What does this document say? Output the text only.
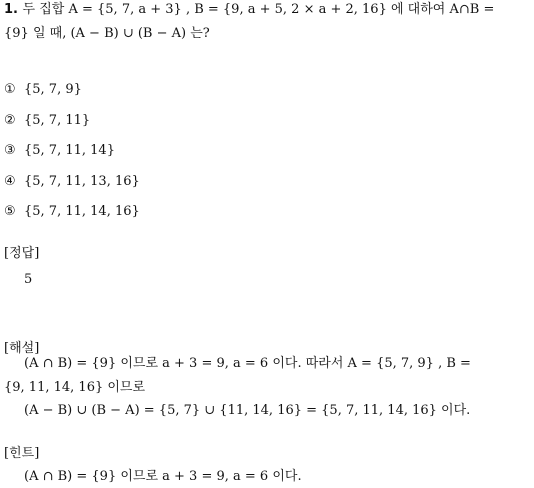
1. 두 집합 A = {5, 7, a + 3} , B = {9, a + 5, 2 × a + 2, 16} 에 대하여 A∩B =
{9} 일 때, (A − B) ∪ (B − A) 는?
① {5, 7, 9}
② {5, 7, 11}
③ {5, 7, 11, 14}
④ {5, 7, 11, 13, 16}
⑤ {5, 7, 11, 14, 16}
[정답]
5
[해설]
(A ∩ B) = {9} 이므로 a + 3 = 9, a = 6 이다. 따라서 A = {5, 7, 9} , B =
{9, 11, 14, 16} 이므로
(A − B) ∪ (B − A) = {5, 7} ∪ {11, 14, 16} = {5, 7, 11, 14, 16} 이다.
[힌트]
(A ∩ B) = {9} 이므로 a + 3 = 9, a = 6 이다.
